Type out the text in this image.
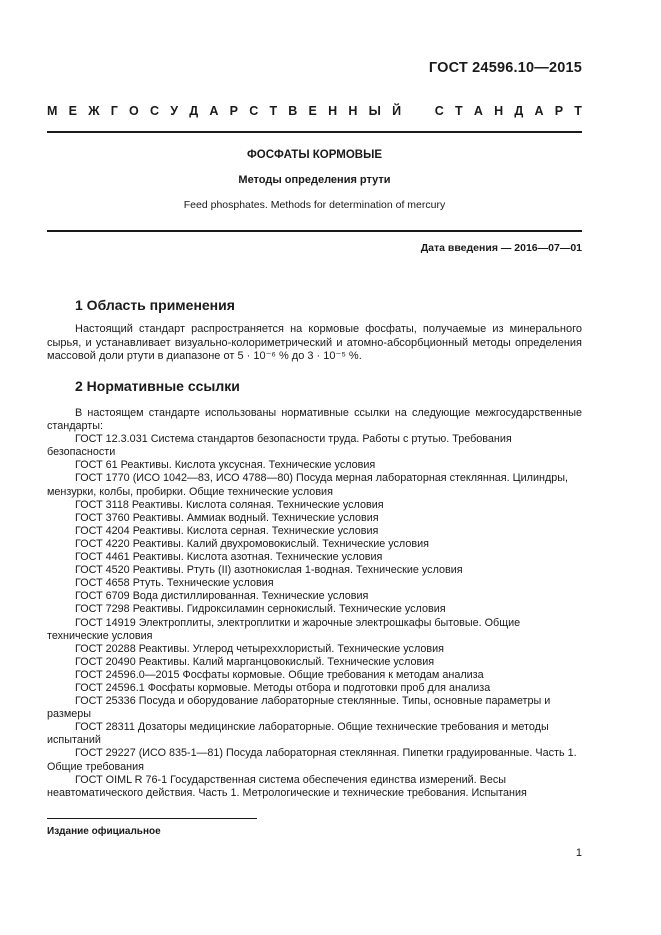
ГОСТ 24596.10—2015
М Е Ж Г О С У Д А Р С Т В Е Н Н Ы Й	С Т А Н Д А Р Т
ФОСФАТЫ КОРМОВЫЕ
Методы определения ртути
Feed phosphates. Methods for determination of mercury
Дата введения — 2016—07—01
1 Область применения
Настоящий стандарт распространяется на кормовые фосфаты, получаемые из минерального сырья, и устанавливает визуально-колориметрический и атомно-абсорбционный методы определения массовой доли ртути в диапазоне от 5 · 10⁻⁶ % до 3 · 10⁻⁵ %.
2 Нормативные ссылки

В настоящем стандарте использованы нормативные ссылки на следующие межгосударственные стандарты:

ГОСТ 12.3.031 Система стандартов безопасности труда. Работы с ртутью. Требования безопасности

ГОСТ 61 Реактивы. Кислота уксусная. Технические условия

ГОСТ 1770 (ИСО 1042—83, ИСО 4788—80) Посуда мерная лабораторная стеклянная. Цилиндры, мензурки, колбы, пробирки. Общие технические условия

ГОСТ 3118 Реактивы. Кислота соляная. Технические условия

ГОСТ 3760 Реактивы. Аммиак водный. Технические условия

ГОСТ 4204 Реактивы. Кислота серная. Технические условия

ГОСТ 4220 Реактивы. Калий двухромовокислый. Технические условия

ГОСТ 4461 Реактивы. Кислота азотная. Технические условия

ГОСТ 4520 Реактивы. Ртуть (II) азотнокислая 1-водная. Технические условия

ГОСТ 4658 Ртуть. Технические условия

ГОСТ 6709 Вода дистиллированная. Технические условия

ГОСТ 7298 Реактивы. Гидроксиламин сернокислый. Технические условия

ГОСТ 14919 Электроплиты, электроплитки и жарочные электрошкафы бытовые. Общие технические условия

ГОСТ 20288 Реактивы. Углерод четыреххлористый. Технические условия

ГОСТ 20490 Реактивы. Калий марганцовокислый. Технические условия

ГОСТ 24596.0—2015 Фосфаты кормовые. Общие требования к методам анализа

ГОСТ 24596.1 Фосфаты кормовые. Методы отбора и подготовки проб для анализа

ГОСТ 25336 Посуда и оборудование лабораторные стеклянные. Типы, основные параметры и размеры

ГОСТ 28311 Дозаторы медицинские лабораторные. Общие технические требования и методы испытаний

ГОСТ 29227 (ИСО 835-1—81) Посуда лабораторная стеклянная. Пипетки градуированные. Часть 1. Общие требования

ГОСТ OIML R 76-1 Государственная система обеспечения единства измерений. Весы неавтоматического действия. Часть 1. Метрологические и технические требования. Испытания

Издание официальное
1
